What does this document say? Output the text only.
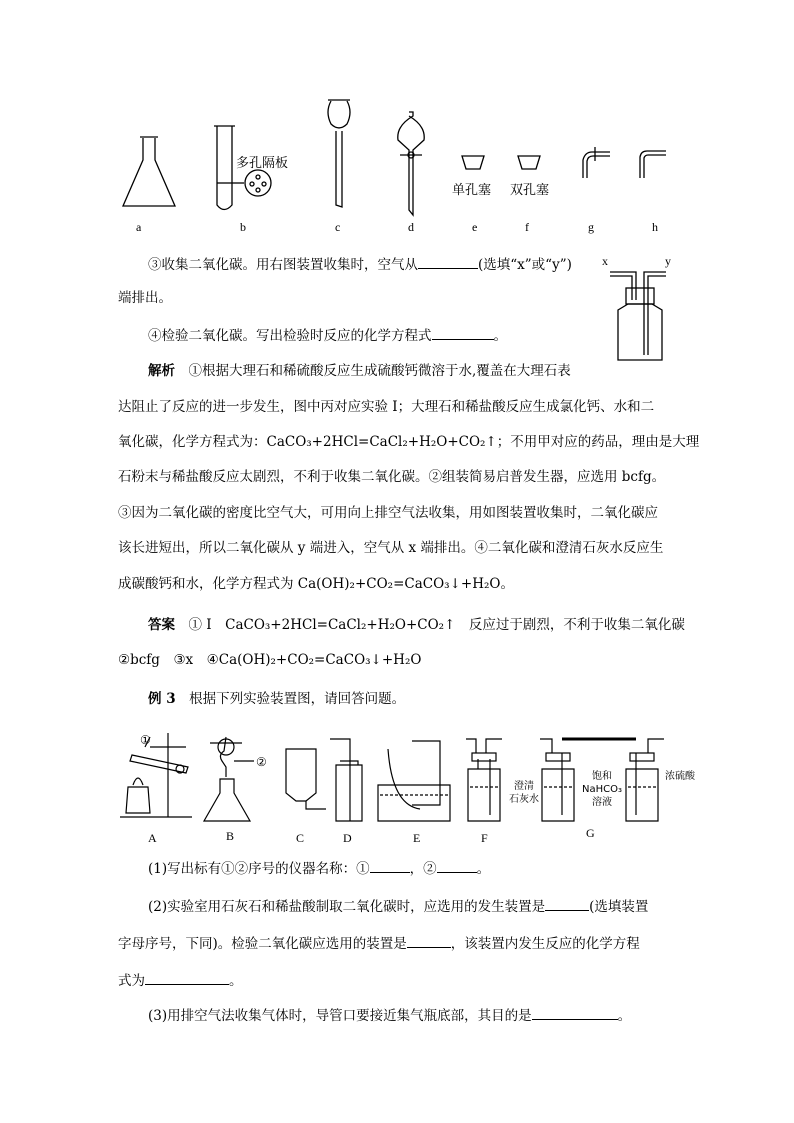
a	b	c	d	e	f	g	h
多孔隔板
单孔塞 双孔塞
x	y
③收集二氧化碳。用右图装置收集时，空气从	(选填“x”或“y”)
端排出。
④检验二氧化碳。写出检验时反应的化学方程式	。
解析　 ①根据大理石和稀硫酸反应生成硫酸钙微溶于水,覆盖在大理石表
达阻止了反应的进一步发生，图中丙对应实验 I；大理石和稀盐酸反应生成氯化钙、水和二
氧化碳，化学方程式为：CaCO₃+2HCl=CaCl₂+H₂O+CO₂↑；不用甲对应的药品，理由是大理
石粉末与稀盐酸反应太剧烈，不利于收集二氧化碳。②组装简易启普发生器，应选用 bcfg。
③因为二氧化碳的密度比空气大，可用向上排空气法收集，用如图装置收集时，二氧化碳应
该长进短出，所以二氧化碳从 y 端进入，空气从 x 端排出。④二氧化碳和澄清石灰水反应生
成碳酸钙和水，化学方程式为 Ca(OH)₂+CO₂=CaCO₃↓+H₂O。
答案　 ① I　CaCO₃+2HCl=CaCl₂+H₂O+CO₂↑　反应过于剧烈，不利于收集二氧化碳
②bcfg　③x　④Ca(OH)₂+CO₂=CaCO₃↓+H₂O
例 3　 根据下列实验装置图，请回答问题。
A	B	C	D	E	F	G
①
②
澄清
石灰水
饱和
NaHCO₃
溶液
浓硫酸
(1)写出标有①②序号的仪器名称：①	，②	。
(2)实验室用石灰石和稀盐酸制取二氧化碳时，应选用的发生装置是	(选填装置
字母序号，下同)。检验二氧化碳应选用的装置是	，该装置内发生反应的化学方程
式为	。
(3)用排空气法收集气体时，导管口要接近集气瓶底部，其目的是	。
